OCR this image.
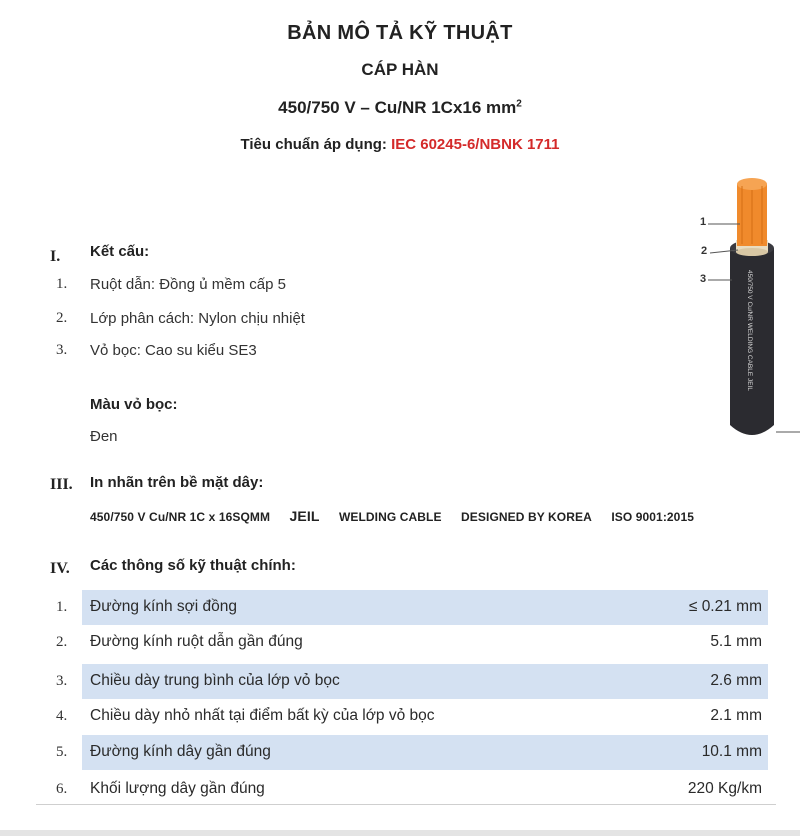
BẢN MÔ TẢ KỸ THUẬT
CÁP HÀN
450/750 V – Cu/NR 1Cx16 $mm^2$
Tiêu chuẩn áp dụng: IEC 60245-6/NBNK 1711
450/750 V Cu/NR WELDING CABLE JEIL
1
2
3
I. Kết cấu:
1. Ruột dẫn: Đồng ủ mềm cấp 5
2. Lớp phân cách: Nylon chịu nhiệt
3. Vỏ bọc: Cao su kiểu SE3
Màu vỏ bọc:
Đen
III. In nhãn trên bề mặt dây:
450/750 V Cu/NR 1C x 16SQMM JEIL WELDING CABLE DESIGNED BY KOREA ISO 9001:2015
IV. Các thông số kỹ thuật chính:
1. Đường kính sợi đồng	≤ 0.21 mm
2. Đường kính ruột dẫn gần đúng	5.1 mm
3. Chiều dày trung bình của lớp vỏ bọc	2.6 mm
4. Chiều dày nhỏ nhất tại điểm bất kỳ của lớp vỏ bọc	2.1 mm
5. Đường kính dây gần đúng	10.1 mm
6. Khối lượng dây gần đúng	220 Kg/km
